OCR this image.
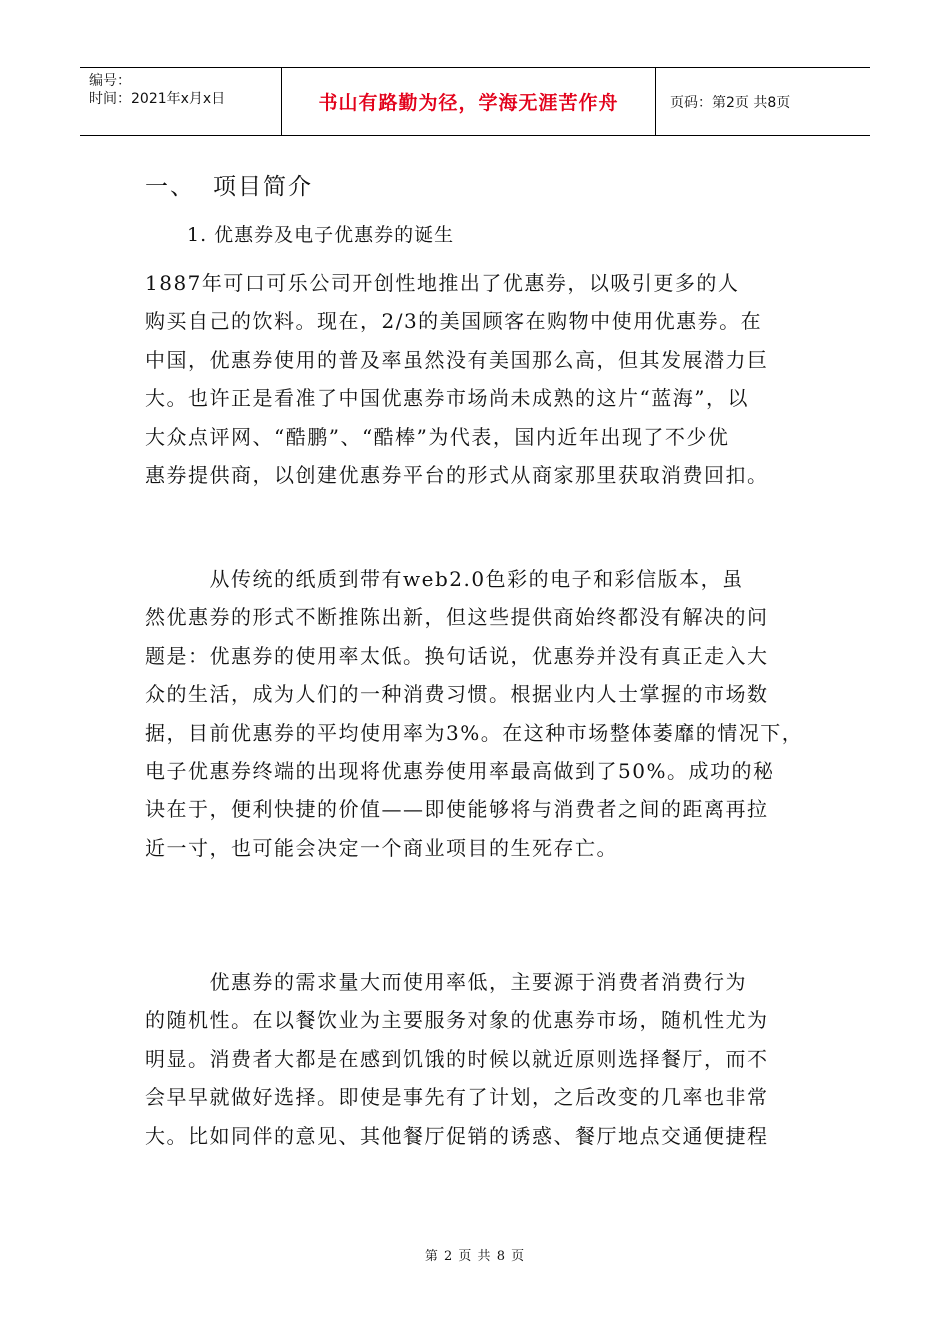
编号：
时间：2021年x月x日	书山有路勤为径，学海无涯苦作舟	页码：第2页 共8页
一、 项目简介
1. 优惠券及电子优惠券的诞生
1887年可口可乐公司开创性地推出了优惠券，以吸引更多的人
购买自己的饮料。现在，2/3的美国顾客在购物中使用优惠券。在
中国，优惠券使用的普及率虽然没有美国那么高，但其发展潜力巨
大。也许正是看准了中国优惠券市场尚未成熟的这片“蓝海”，以
大众点评网、“酷鹏”、“酷棒”为代表，国内近年出现了不少优
惠券提供商，以创建优惠券平台的形式从商家那里获取消费回扣。
　　　从传统的纸质到带有web2.0色彩的电子和彩信版本，虽
然优惠券的形式不断推陈出新，但这些提供商始终都没有解决的问
题是：优惠券的使用率太低。换句话说，优惠券并没有真正走入大
众的生活，成为人们的一种消费习惯。根据业内人士掌握的市场数
据，目前优惠券的平均使用率为3%。在这种市场整体萎靡的情况下，
电子优惠券终端的出现将优惠券使用率最高做到了50%。成功的秘
诀在于，便利快捷的价值——即使能够将与消费者之间的距离再拉
近一寸，也可能会决定一个商业项目的生死存亡。
　　　优惠券的需求量大而使用率低，主要源于消费者消费行为
的随机性。在以餐饮业为主要服务对象的优惠券市场，随机性尤为
明显。消费者大都是在感到饥饿的时候以就近原则选择餐厅，而不
会早早就做好选择。即使是事先有了计划，之后改变的几率也非常
大。比如同伴的意见、其他餐厅促销的诱惑、餐厅地点交通便捷程
第 2 页 共 8 页
